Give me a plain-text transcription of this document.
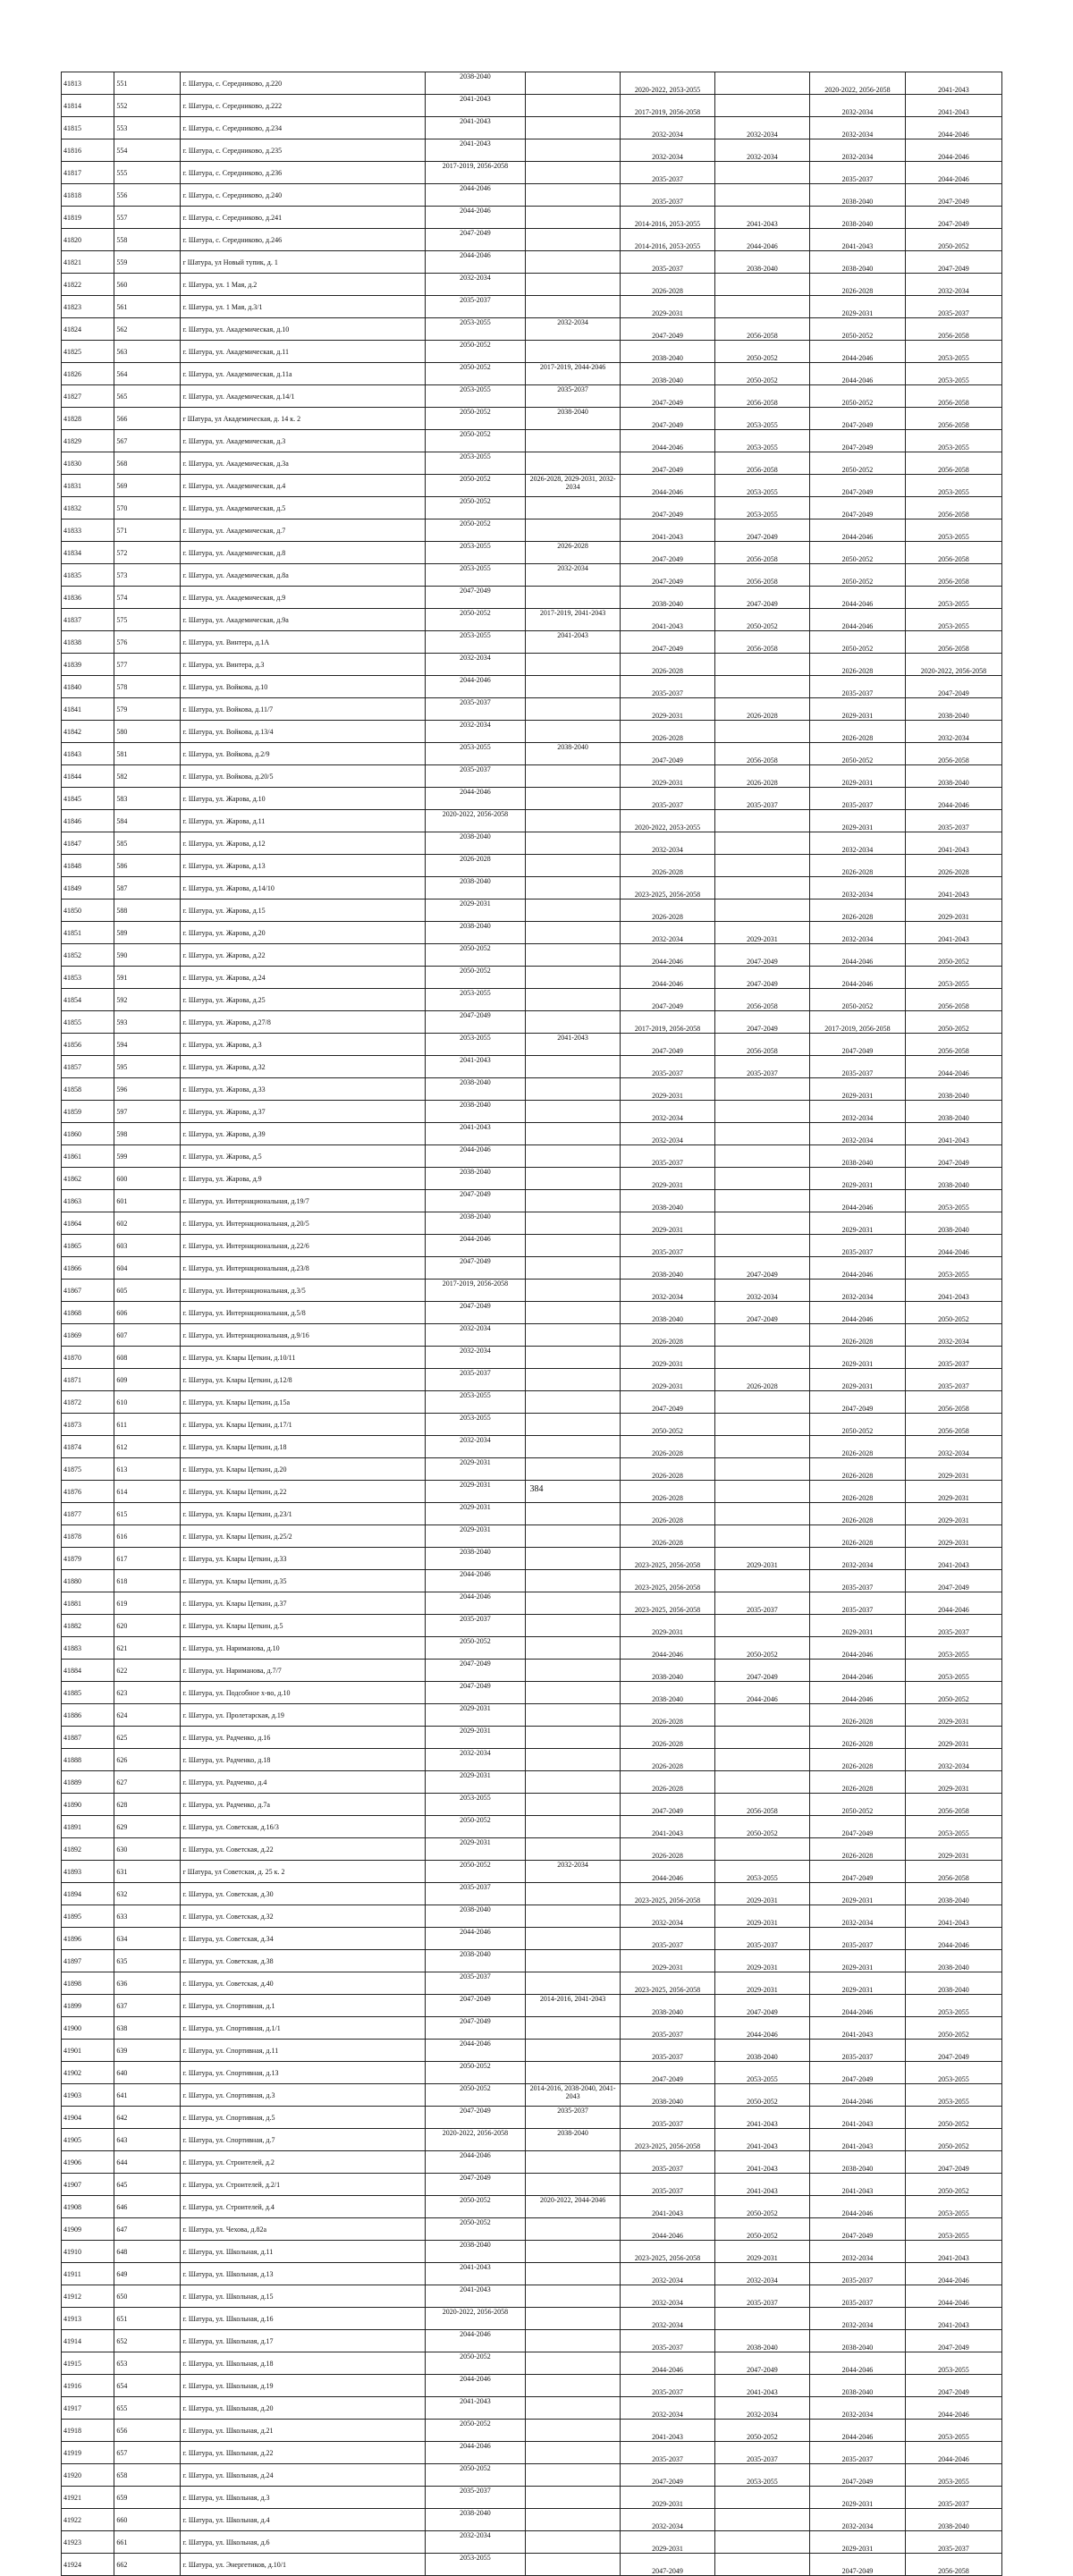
41813	551	г. Шатура, с. Середниково, д.220	2038-2040		2020-2022, 2053-2055		2020-2022, 2056-2058	2041-2043
41814	552	г. Шатура, с. Середниково, д.222	2041-2043		2017-2019, 2056-2058		2032-2034	2041-2043
41815	553	г. Шатура, с. Середниково, д.234	2041-2043		2032-2034	2032-2034	2032-2034	2044-2046
41816	554	г. Шатура, с. Середниково, д.235	2041-2043		2032-2034	2032-2034	2032-2034	2044-2046
41817	555	г. Шатура, с. Середниково, д.236	2017-2019, 2056-2058		2035-2037		2035-2037	2044-2046
41818	556	г. Шатура, с. Середниково, д.240	2044-2046		2035-2037		2038-2040	2047-2049
41819	557	г. Шатура, с. Середниково, д.241	2044-2046		2014-2016, 2053-2055	2041-2043	2038-2040	2047-2049
41820	558	г. Шатура, с. Середниково, д.246	2047-2049		2014-2016, 2053-2055	2044-2046	2041-2043	2050-2052
41821	559	г Шатура, ул Новый тупик, д. 1	2044-2046		2035-2037	2038-2040	2038-2040	2047-2049
41822	560	г. Шатура, ул. 1 Мая, д.2	2032-2034		2026-2028		2026-2028	2032-2034
41823	561	г. Шатура, ул. 1 Мая, д.3/1	2035-2037		2029-2031		2029-2031	2035-2037
41824	562	г. Шатура, ул. Академическая, д.10	2053-2055	2032-2034	2047-2049	2056-2058	2050-2052	2056-2058
41825	563	г. Шатура, ул. Академическая, д.11	2050-2052		2038-2040	2050-2052	2044-2046	2053-2055
41826	564	г. Шатура, ул. Академическая, д.11а	2050-2052	2017-2019, 2044-2046	2038-2040	2050-2052	2044-2046	2053-2055
41827	565	г. Шатура, ул. Академическая, д.14/1	2053-2055	2035-2037	2047-2049	2056-2058	2050-2052	2056-2058
41828	566	г Шатура, ул Академическая, д. 14 к. 2	2050-2052	2038-2040	2047-2049	2053-2055	2047-2049	2056-2058
41829	567	г. Шатура, ул. Академическая, д.3	2050-2052		2044-2046	2053-2055	2047-2049	2053-2055
41830	568	г. Шатура, ул. Академическая, д.3а	2053-2055		2047-2049	2056-2058	2050-2052	2056-2058
41831	569	г. Шатура, ул. Академическая, д.4	2050-2052	2026-2028, 2029-2031, 2032-2034	2044-2046	2053-2055	2047-2049	2053-2055
41832	570	г. Шатура, ул. Академическая, д.5	2050-2052		2047-2049	2053-2055	2047-2049	2056-2058
41833	571	г. Шатура, ул. Академическая, д.7	2050-2052		2041-2043	2047-2049	2044-2046	2053-2055
41834	572	г. Шатура, ул. Академическая, д.8	2053-2055	2026-2028	2047-2049	2056-2058	2050-2052	2056-2058
41835	573	г. Шатура, ул. Академическая, д.8а	2053-2055	2032-2034	2047-2049	2056-2058	2050-2052	2056-2058
41836	574	г. Шатура, ул. Академическая, д.9	2047-2049		2038-2040	2047-2049	2044-2046	2053-2055
41837	575	г. Шатура, ул. Академическая, д.9а	2050-2052	2017-2019, 2041-2043	2041-2043	2050-2052	2044-2046	2053-2055
41838	576	г. Шатура, ул. Винтера, д.1А	2053-2055	2041-2043	2047-2049	2056-2058	2050-2052	2056-2058
41839	577	г. Шатура, ул. Винтера, д.3	2032-2034		2026-2028		2026-2028	2020-2022, 2056-2058
41840	578	г. Шатура, ул. Войкова, д.10	2044-2046		2035-2037		2035-2037	2047-2049
41841	579	г. Шатура, ул. Войкова, д.11/7	2035-2037		2029-2031	2026-2028	2029-2031	2038-2040
41842	580	г. Шатура, ул. Войкова, д.13/4	2032-2034		2026-2028		2026-2028	2032-2034
41843	581	г. Шатура, ул. Войкова, д.2/9	2053-2055	2038-2040	2047-2049	2056-2058	2050-2052	2056-2058
41844	582	г. Шатура, ул. Войкова, д.20/5	2035-2037		2029-2031	2026-2028	2029-2031	2038-2040
41845	583	г. Шатура, ул. Жарова, д.10	2044-2046		2035-2037	2035-2037	2035-2037	2044-2046
41846	584	г. Шатура, ул. Жарова, д.11	2020-2022, 2056-2058		2020-2022, 2053-2055		2029-2031	2035-2037
41847	585	г. Шатура, ул. Жарова, д.12	2038-2040		2032-2034		2032-2034	2041-2043
41848	586	г. Шатура, ул. Жарова, д.13	2026-2028		2026-2028		2026-2028	2026-2028
41849	587	г. Шатура, ул. Жарова, д.14/10	2038-2040		2023-2025, 2056-2058		2032-2034	2041-2043
41850	588	г. Шатура, ул. Жарова, д.15	2029-2031		2026-2028		2026-2028	2029-2031
41851	589	г. Шатура, ул. Жарова, д.20	2038-2040		2032-2034	2029-2031	2032-2034	2041-2043
41852	590	г. Шатура, ул. Жарова, д.22	2050-2052		2044-2046	2047-2049	2044-2046	2050-2052
41853	591	г. Шатура, ул. Жарова, д.24	2050-2052		2044-2046	2047-2049	2044-2046	2053-2055
41854	592	г. Шатура, ул. Жарова, д.25	2053-2055		2047-2049	2056-2058	2050-2052	2056-2058
41855	593	г. Шатура, ул. Жарова, д.27/8	2047-2049		2017-2019, 2056-2058	2047-2049	2017-2019, 2056-2058	2050-2052
41856	594	г. Шатура, ул. Жарова, д.3	2053-2055	2041-2043	2047-2049	2056-2058	2047-2049	2056-2058
41857	595	г. Шатура, ул. Жарова, д.32	2041-2043		2035-2037	2035-2037	2035-2037	2044-2046
41858	596	г. Шатура, ул. Жарова, д.33	2038-2040		2029-2031		2029-2031	2038-2040
41859	597	г. Шатура, ул. Жарова, д.37	2038-2040		2032-2034		2032-2034	2038-2040
41860	598	г. Шатура, ул. Жарова, д.39	2041-2043		2032-2034		2032-2034	2041-2043
41861	599	г. Шатура, ул. Жарова, д.5	2044-2046		2035-2037		2038-2040	2047-2049
41862	600	г. Шатура, ул. Жарова, д.9	2038-2040		2029-2031		2029-2031	2038-2040
41863	601	г. Шатура, ул. Интернациональная, д.19/7	2047-2049		2038-2040		2044-2046	2053-2055
41864	602	г. Шатура, ул. Интернациональная, д.20/5	2038-2040		2029-2031		2029-2031	2038-2040
41865	603	г. Шатура, ул. Интернациональная, д.22/6	2044-2046		2035-2037		2035-2037	2044-2046
41866	604	г. Шатура, ул. Интернациональная, д.23/8	2047-2049		2038-2040	2047-2049	2044-2046	2053-2055
41867	605	г. Шатура, ул. Интернациональная, д.3/5	2017-2019, 2056-2058		2032-2034	2032-2034	2032-2034	2041-2043
41868	606	г. Шатура, ул. Интернациональная, д.5/8	2047-2049		2038-2040	2047-2049	2044-2046	2050-2052
41869	607	г. Шатура, ул. Интернациональная, д.9/16	2032-2034		2026-2028		2026-2028	2032-2034
41870	608	г. Шатура, ул. Клары Цеткин, д.10/11	2032-2034		2029-2031		2029-2031	2035-2037
41871	609	г. Шатура, ул. Клары Цеткин, д.12/8	2035-2037		2029-2031	2026-2028	2029-2031	2035-2037
41872	610	г. Шатура, ул. Клары Цеткин, д.15а	2053-2055		2047-2049		2047-2049	2056-2058
41873	611	г. Шатура, ул. Клары Цеткин, д.17/1	2053-2055		2050-2052		2050-2052	2056-2058
41874	612	г. Шатура, ул. Клары Цеткин, д.18	2032-2034		2026-2028		2026-2028	2032-2034
41875	613	г. Шатура, ул. Клары Цеткин, д.20	2029-2031		2026-2028		2026-2028	2029-2031
41876	614	г. Шатура, ул. Клары Цеткин, д.22	2029-2031		2026-2028		2026-2028	2029-2031
41877	615	г. Шатура, ул. Клары Цеткин, д.23/1	2029-2031		2026-2028		2026-2028	2029-2031
41878	616	г. Шатура, ул. Клары Цеткин, д.25/2	2029-2031		2026-2028		2026-2028	2029-2031
41879	617	г. Шатура, ул. Клары Цеткин, д.33	2038-2040		2023-2025, 2056-2058	2029-2031	2032-2034	2041-2043
41880	618	г. Шатура, ул. Клары Цеткин, д.35	2044-2046		2023-2025, 2056-2058		2035-2037	2047-2049
41881	619	г. Шатура, ул. Клары Цеткин, д.37	2044-2046		2023-2025, 2056-2058	2035-2037	2035-2037	2044-2046
41882	620	г. Шатура, ул. Клары Цеткин, д.5	2035-2037		2029-2031		2029-2031	2035-2037
41883	621	г. Шатура, ул. Нариманова, д.10	2050-2052		2044-2046	2050-2052	2044-2046	2053-2055
41884	622	г. Шатура, ул. Нариманова, д.7/7	2047-2049		2038-2040	2047-2049	2044-2046	2053-2055
41885	623	г. Шатура, ул. Подсобное х-во, д.10	2047-2049		2038-2040	2044-2046	2044-2046	2050-2052
41886	624	г. Шатура, ул. Пролетарская, д.19	2029-2031		2026-2028		2026-2028	2029-2031
41887	625	г. Шатура, ул. Радченко, д.16	2029-2031		2026-2028		2026-2028	2029-2031
41888	626	г. Шатура, ул. Радченко, д.18	2032-2034		2026-2028		2026-2028	2032-2034
41889	627	г. Шатура, ул. Радченко, д.4	2029-2031		2026-2028		2026-2028	2029-2031
41890	628	г. Шатура, ул. Радченко, д.7а	2053-2055		2047-2049	2056-2058	2050-2052	2056-2058
41891	629	г. Шатура, ул. Советская, д.16/3	2050-2052		2041-2043	2050-2052	2047-2049	2053-2055
41892	630	г. Шатура, ул. Советская, д.22	2029-2031		2026-2028		2026-2028	2029-2031
41893	631	г Шатура, ул Советская, д. 25 к. 2	2050-2052	2032-2034	2044-2046	2053-2055	2047-2049	2056-2058
41894	632	г. Шатура, ул. Советская, д.30	2035-2037		2023-2025, 2056-2058	2029-2031	2029-2031	2038-2040
41895	633	г. Шатура, ул. Советская, д.32	2038-2040		2032-2034	2029-2031	2032-2034	2041-2043
41896	634	г. Шатура, ул. Советская, д.34	2044-2046		2035-2037	2035-2037	2035-2037	2044-2046
41897	635	г. Шатура, ул. Советская, д.38	2038-2040		2029-2031	2029-2031	2029-2031	2038-2040
41898	636	г. Шатура, ул. Советская, д.40	2035-2037		2023-2025, 2056-2058	2029-2031	2029-2031	2038-2040
41899	637	г. Шатура, ул. Спортивная, д.1	2047-2049	2014-2016, 2041-2043	2038-2040	2047-2049	2044-2046	2053-2055
41900	638	г. Шатура, ул. Спортивная, д.1/1	2047-2049		2035-2037	2044-2046	2041-2043	2050-2052
41901	639	г. Шатура, ул. Спортивная, д.11	2044-2046		2035-2037	2038-2040	2035-2037	2047-2049
41902	640	г. Шатура, ул. Спортивная, д.13	2050-2052		2047-2049	2053-2055	2047-2049	2053-2055
41903	641	г. Шатура, ул. Спортивная, д.3	2050-2052	2014-2016, 2038-2040, 2041-2043	2038-2040	2050-2052	2044-2046	2053-2055
41904	642	г. Шатура, ул. Спортивная, д.5	2047-2049	2035-2037	2035-2037	2041-2043	2041-2043	2050-2052
41905	643	г. Шатура, ул. Спортивная, д.7	2020-2022, 2056-2058	2038-2040	2023-2025, 2056-2058	2041-2043	2041-2043	2050-2052
41906	644	г. Шатура, ул. Строителей, д.2	2044-2046		2035-2037	2041-2043	2038-2040	2047-2049
41907	645	г. Шатура, ул. Строителей, д.2/1	2047-2049		2035-2037	2041-2043	2041-2043	2050-2052
41908	646	г. Шатура, ул. Строителей, д.4	2050-2052	2020-2022, 2044-2046	2041-2043	2050-2052	2044-2046	2053-2055
41909	647	г. Шатура, ул. Чехова, д.82а	2050-2052		2044-2046	2050-2052	2047-2049	2053-2055
41910	648	г. Шатура, ул. Школьная, д.11	2038-2040		2023-2025, 2056-2058	2029-2031	2032-2034	2041-2043
41911	649	г. Шатура, ул. Школьная, д.13	2041-2043		2032-2034	2032-2034	2035-2037	2044-2046
41912	650	г. Шатура, ул. Школьная, д.15	2041-2043		2032-2034	2035-2037	2035-2037	2044-2046
41913	651	г. Шатура, ул. Школьная, д.16	2020-2022, 2056-2058		2032-2034		2032-2034	2041-2043
41914	652	г. Шатура, ул. Школьная, д.17	2044-2046		2035-2037	2038-2040	2038-2040	2047-2049
41915	653	г. Шатура, ул. Школьная, д.18	2050-2052		2044-2046	2047-2049	2044-2046	2053-2055
41916	654	г. Шатура, ул. Школьная, д.19	2044-2046		2035-2037	2041-2043	2038-2040	2047-2049
41917	655	г. Шатура, ул. Школьная, д.20	2041-2043		2032-2034	2032-2034	2032-2034	2044-2046
41918	656	г. Шатура, ул. Школьная, д.21	2050-2052		2041-2043	2050-2052	2044-2046	2053-2055
41919	657	г. Шатура, ул. Школьная, д.22	2044-2046		2035-2037	2035-2037	2035-2037	2044-2046
41920	658	г. Шатура, ул. Школьная, д.24	2050-2052		2047-2049	2053-2055	2047-2049	2053-2055
41921	659	г. Шатура, ул. Школьная, д.3	2035-2037		2029-2031		2029-2031	2035-2037
41922	660	г. Шатура, ул. Школьная, д.4	2038-2040		2032-2034		2032-2034	2038-2040
41923	661	г. Шатура, ул. Школьная, д.6	2032-2034		2029-2031		2029-2031	2035-2037
41924	662	г. Шатура, ул. Энергетиков, д.10/1	2053-2055		2047-2049		2047-2049	2056-2058
384
